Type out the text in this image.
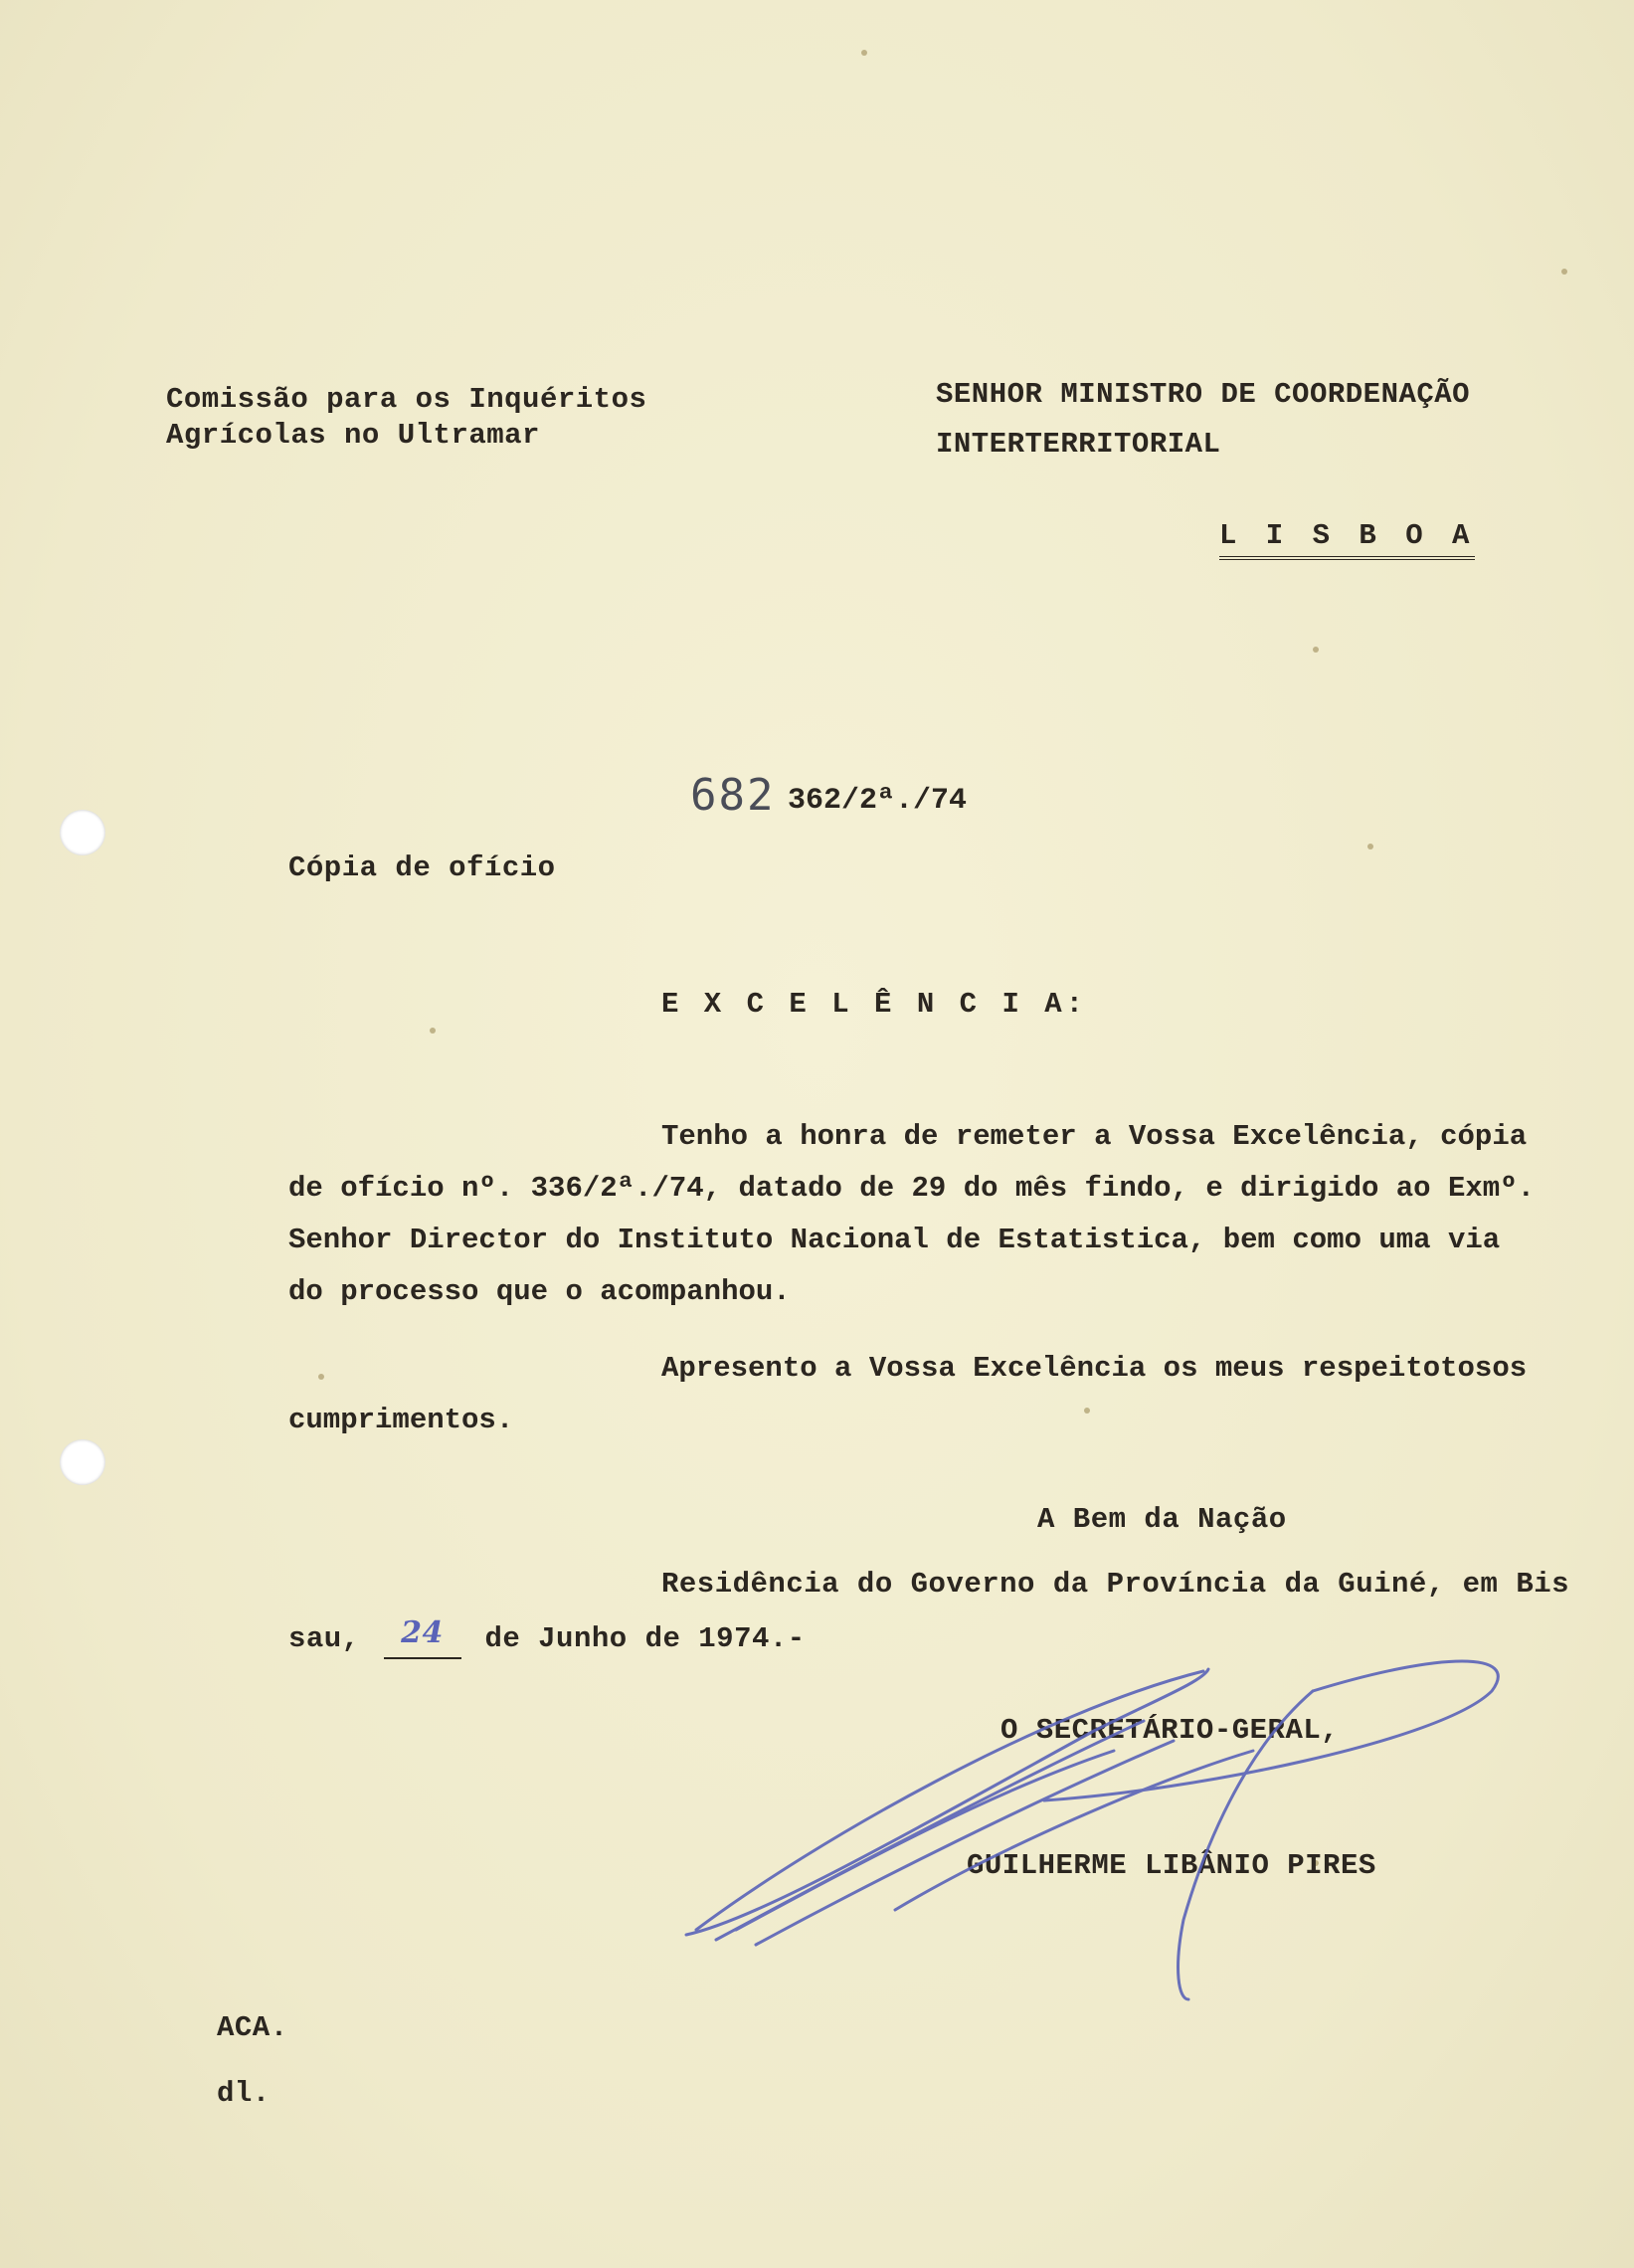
Comissão para os Inquéritos
Agrícolas no Ultramar
SENHOR MINISTRO DE COORDENAÇÃO
INTERTERRITORIAL
L I S B O A
682 362/2ª./74
Cópia de ofício
E X C E L Ê N C I A:
Tenho a honra de remeter a Vossa Excelência, cópia
de ofício nº. 336/2ª./74, datado de 29 do mês findo, e dirigido ao Exmº.
Senhor Director do Instituto Nacional de Estatistica, bem como uma via
do processo que o acompanhou.
Apresento a Vossa Excelência os meus respeitotosos
cumprimentos.
A Bem da Nação
Residência do Governo da Província da Guiné, em Bis
sau, 24 de Junho de 1974.-
O SECRETÁRIO-GERAL,
GUILHERME LIBÂNIO PIRES
ACA.
dl.
